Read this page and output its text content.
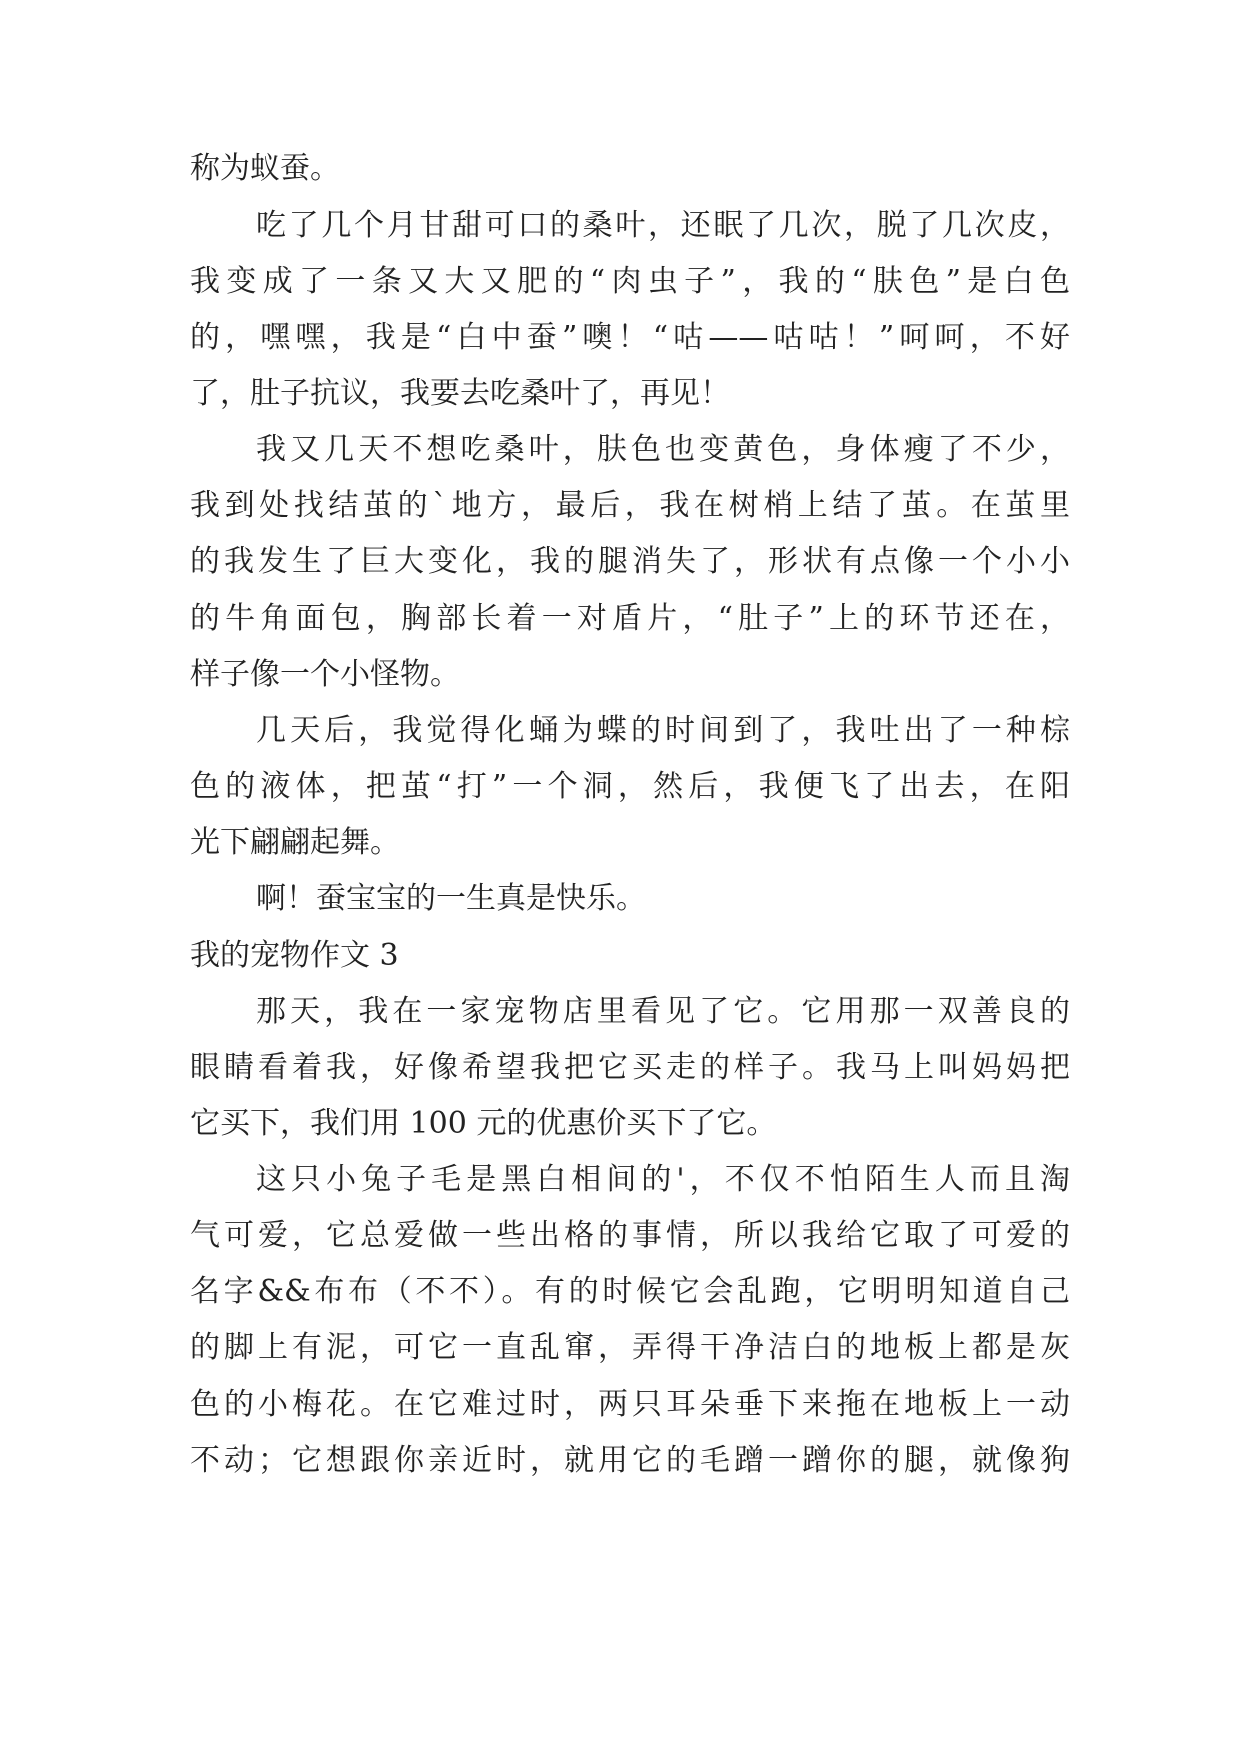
称为蚁蚕。
吃了几个月甘甜可口的桑叶，还眠了几次，脱了几次皮，
我变成了一条又大又肥的“肉虫子”，我的“肤色”是白色
的，嘿嘿，我是“白中蚕”噢！“咕——咕咕！”呵呵，不好
了，肚子抗议，我要去吃桑叶了，再见！
我又几天不想吃桑叶，肤色也变黄色，身体瘦了不少，
我到处找结茧的`地方，最后，我在树梢上结了茧。在茧里
的我发生了巨大变化，我的腿消失了，形状有点像一个小小
的牛角面包，胸部长着一对盾片，“肚子”上的环节还在，
样子像一个小怪物。
几天后，我觉得化蛹为蝶的时间到了，我吐出了一种棕
色的液体，把茧“打”一个洞，然后，我便飞了出去，在阳
光下翩翩起舞。
啊！蚕宝宝的一生真是快乐。
我的宠物作文 3
那天，我在一家宠物店里看见了它。它用那一双善良的
眼睛看着我，好像希望我把它买走的样子。我马上叫妈妈把
它买下，我们用 100 元的优惠价买下了它。
这只小兔子毛是黑白相间的'，不仅不怕陌生人而且淘
气可爱，它总爱做一些出格的事情，所以我给它取了可爱的
名字&&布布（不不）。有的时候它会乱跑，它明明知道自己
的脚上有泥，可它一直乱窜，弄得干净洁白的地板上都是灰
色的小梅花。在它难过时，两只耳朵垂下来拖在地板上一动
不动；它想跟你亲近时，就用它的毛蹭一蹭你的腿，就像狗
